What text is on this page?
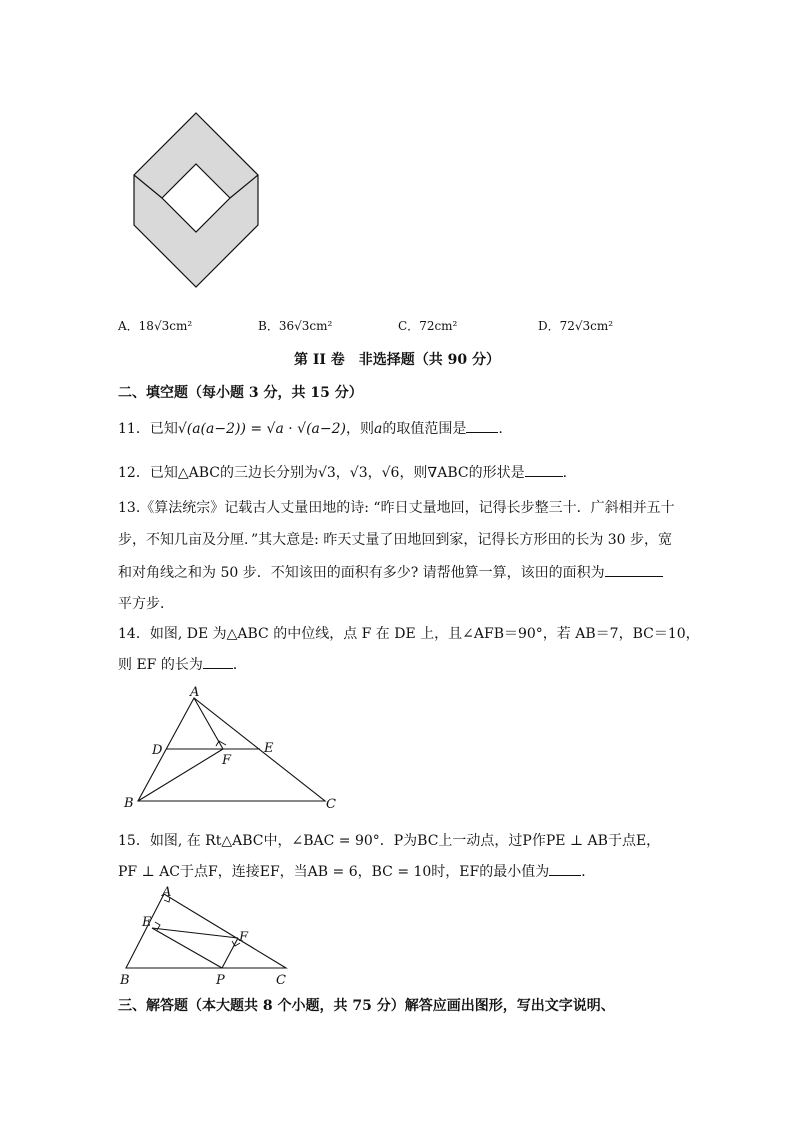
A．18√3cm²	B．36√3cm²	C．72cm²	D．72√3cm²
第 II 卷　非选择题（共 90 分）
二、填空题（每小题 3 分，共 15 分）
11．已知√(a(a−2)) = √a · √(a−2)，则a的取值范围是 .
12．已知△ABC的三边长分别为√3，√3，√6，则∇ABC的形状是	.
13.《算法统宗》记载古人丈量田地的诗: “昨日丈量地回，记得长步整三十．广斜相并五十
步，不知几亩及分厘．”其大意是: 昨天丈量了田地回到家，记得长方形田的长为 30 步，宽
和对角线之和为 50 步．不知该田的面积有多少? 请帮他算一算，该田的面积为
平方步．
14．如图, DE 为△ABC 的中位线，点 F 在 DE 上，且∠AFB＝90°，若 AB＝7，BC＝10，
则 EF 的长为 ．
A
B	C
D	E
F
15．如图, 在 Rt△ABC中，∠BAC = 90°．P为BC上一动点，过P作PE ⊥ AB于点E，
PF ⊥ AC于点F，连接EF，当AB = 6，BC = 10时，EF的最小值为 ．
A
E
F
B	P	C
三、解答题（本大题共 8 个小题，共 75 分）解答应画出图形，写出文字说明、
